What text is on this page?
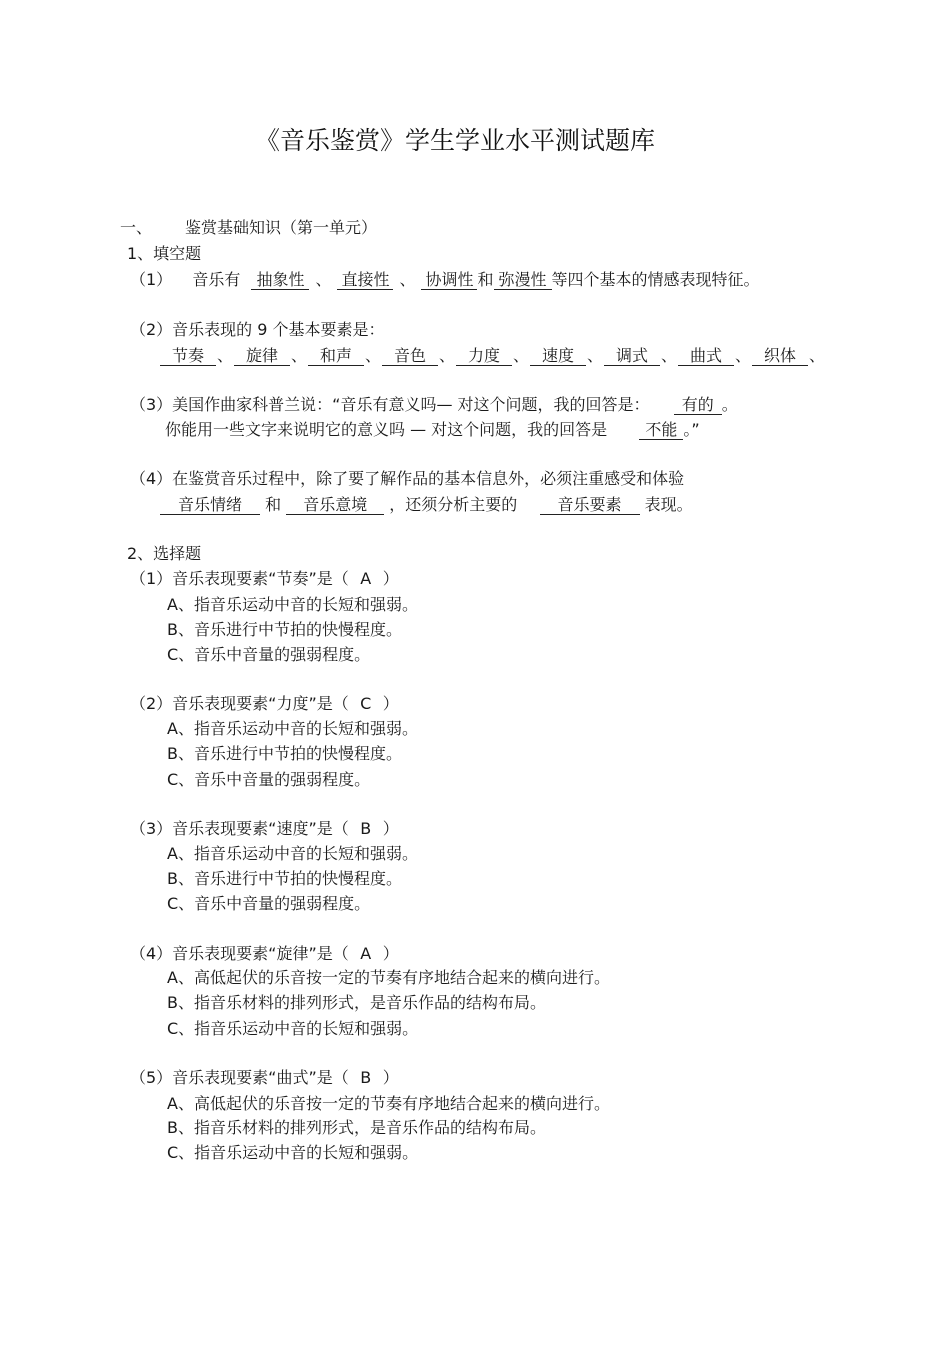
《音乐鉴赏》学生学业水平测试题库
一、 鉴赏基础知识（第一单元）
1、填空题
（1） 音乐有 抽象性 、 直接性 、 协调性 和 弥漫性 等四个基本的情感表现特征。
（2）音乐表现的 9 个基本要素是：
节奏 、 旋律 、 和声 、 音色 、 力度 、 速度 、 调式 、 曲式 、 织体 、
（3）美国作曲家科普兰说：“音乐有意义吗— 对这个问题，我的回答是： 有的 。
你能用一些文字来说明它的意义吗 — 对这个问题，我的回答是 不能 。”
（4）在鉴赏音乐过程中，除了要了解作品的基本信息外，必须注重感受和体验
音乐情绪 和 音乐意境 ，还须分析主要的	音乐要素 表现。
2、选择题
（1）音乐表现要素“节奏”是（ A ）
A、指音乐运动中音的长短和强弱。
B、音乐进行中节拍的快慢程度。
C、音乐中音量的强弱程度。
（2）音乐表现要素“力度”是（ C ）
A、指音乐运动中音的长短和强弱。
B、音乐进行中节拍的快慢程度。
C、音乐中音量的强弱程度。
（3）音乐表现要素“速度”是（ B ）
A、指音乐运动中音的长短和强弱。
B、音乐进行中节拍的快慢程度。
C、音乐中音量的强弱程度。
（4）音乐表现要素“旋律”是（ A ）
A、高低起伏的乐音按一定的节奏有序地结合起来的横向进行。
B、指音乐材料的排列形式，是音乐作品的结构布局。
C、指音乐运动中音的长短和强弱。
（5）音乐表现要素“曲式”是（ B ）
A、高低起伏的乐音按一定的节奏有序地结合起来的横向进行。
B、指音乐材料的排列形式，是音乐作品的结构布局。
C、指音乐运动中音的长短和强弱。
